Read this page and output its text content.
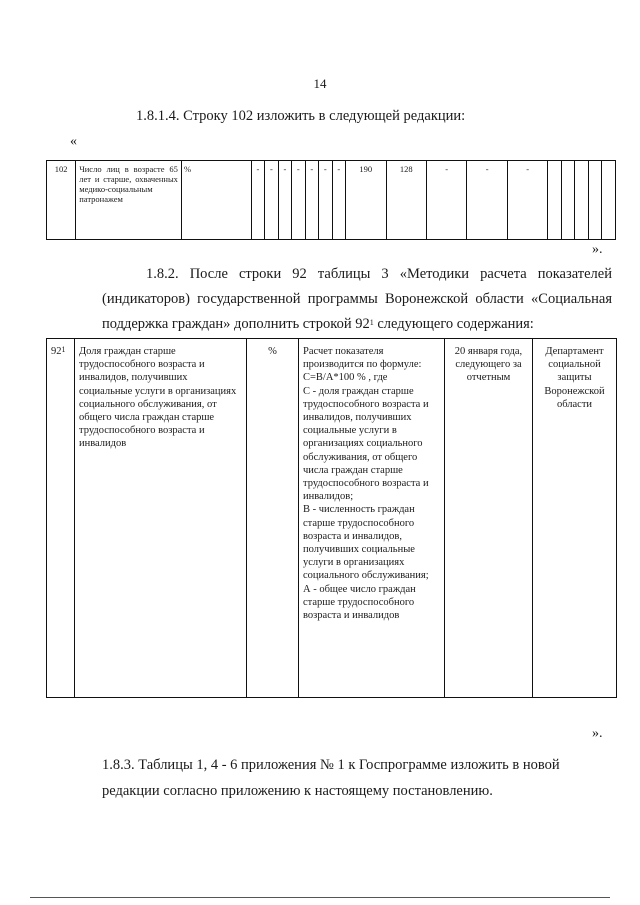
14
1.8.1.4. Строку 102 изложить в следующей редакции:
«
102	Число лиц в возрасте 65 лет и старше, охваченных медико-социальным патронажем	%	-	-	-	-	-	-	-	190	128	-	-	-					
».
1.8.2. После строки 92 таблицы 3 «Методики расчета показателей (индикаторов) государственной программы Воронежской области «Социальная поддержка граждан» дополнить строкой $92^1$ следующего содержания:
$92^1$	Доля граждан старше трудоспособного возраста и инвалидов, получивших социальные услуги в организациях социального обслуживания, от общего числа граждан старше трудоспособного возраста и инвалидов	%	Расчет показателя производится по формуле:
С=В/А*100 % , где
С - доля граждан старше трудоспособного возраста и инвалидов, получивших социальные услуги в организациях социального обслуживания, от общего числа граждан старше трудоспособного возраста и инвалидов;
В - численность граждан старше трудоспособного возраста и инвалидов, получивших социальные услуги в организациях социального обслуживания;
А - общее число граждан старше трудоспособного возраста и инвалидов
	20 января года, следующего за отчетным	Департамент социальной защиты Воронежской области
».
1.8.3. Таблицы 1, 4 - 6 приложения № 1 к Госпрограмме изложить в новой редакции согласно приложению к настоящему постановлению.
